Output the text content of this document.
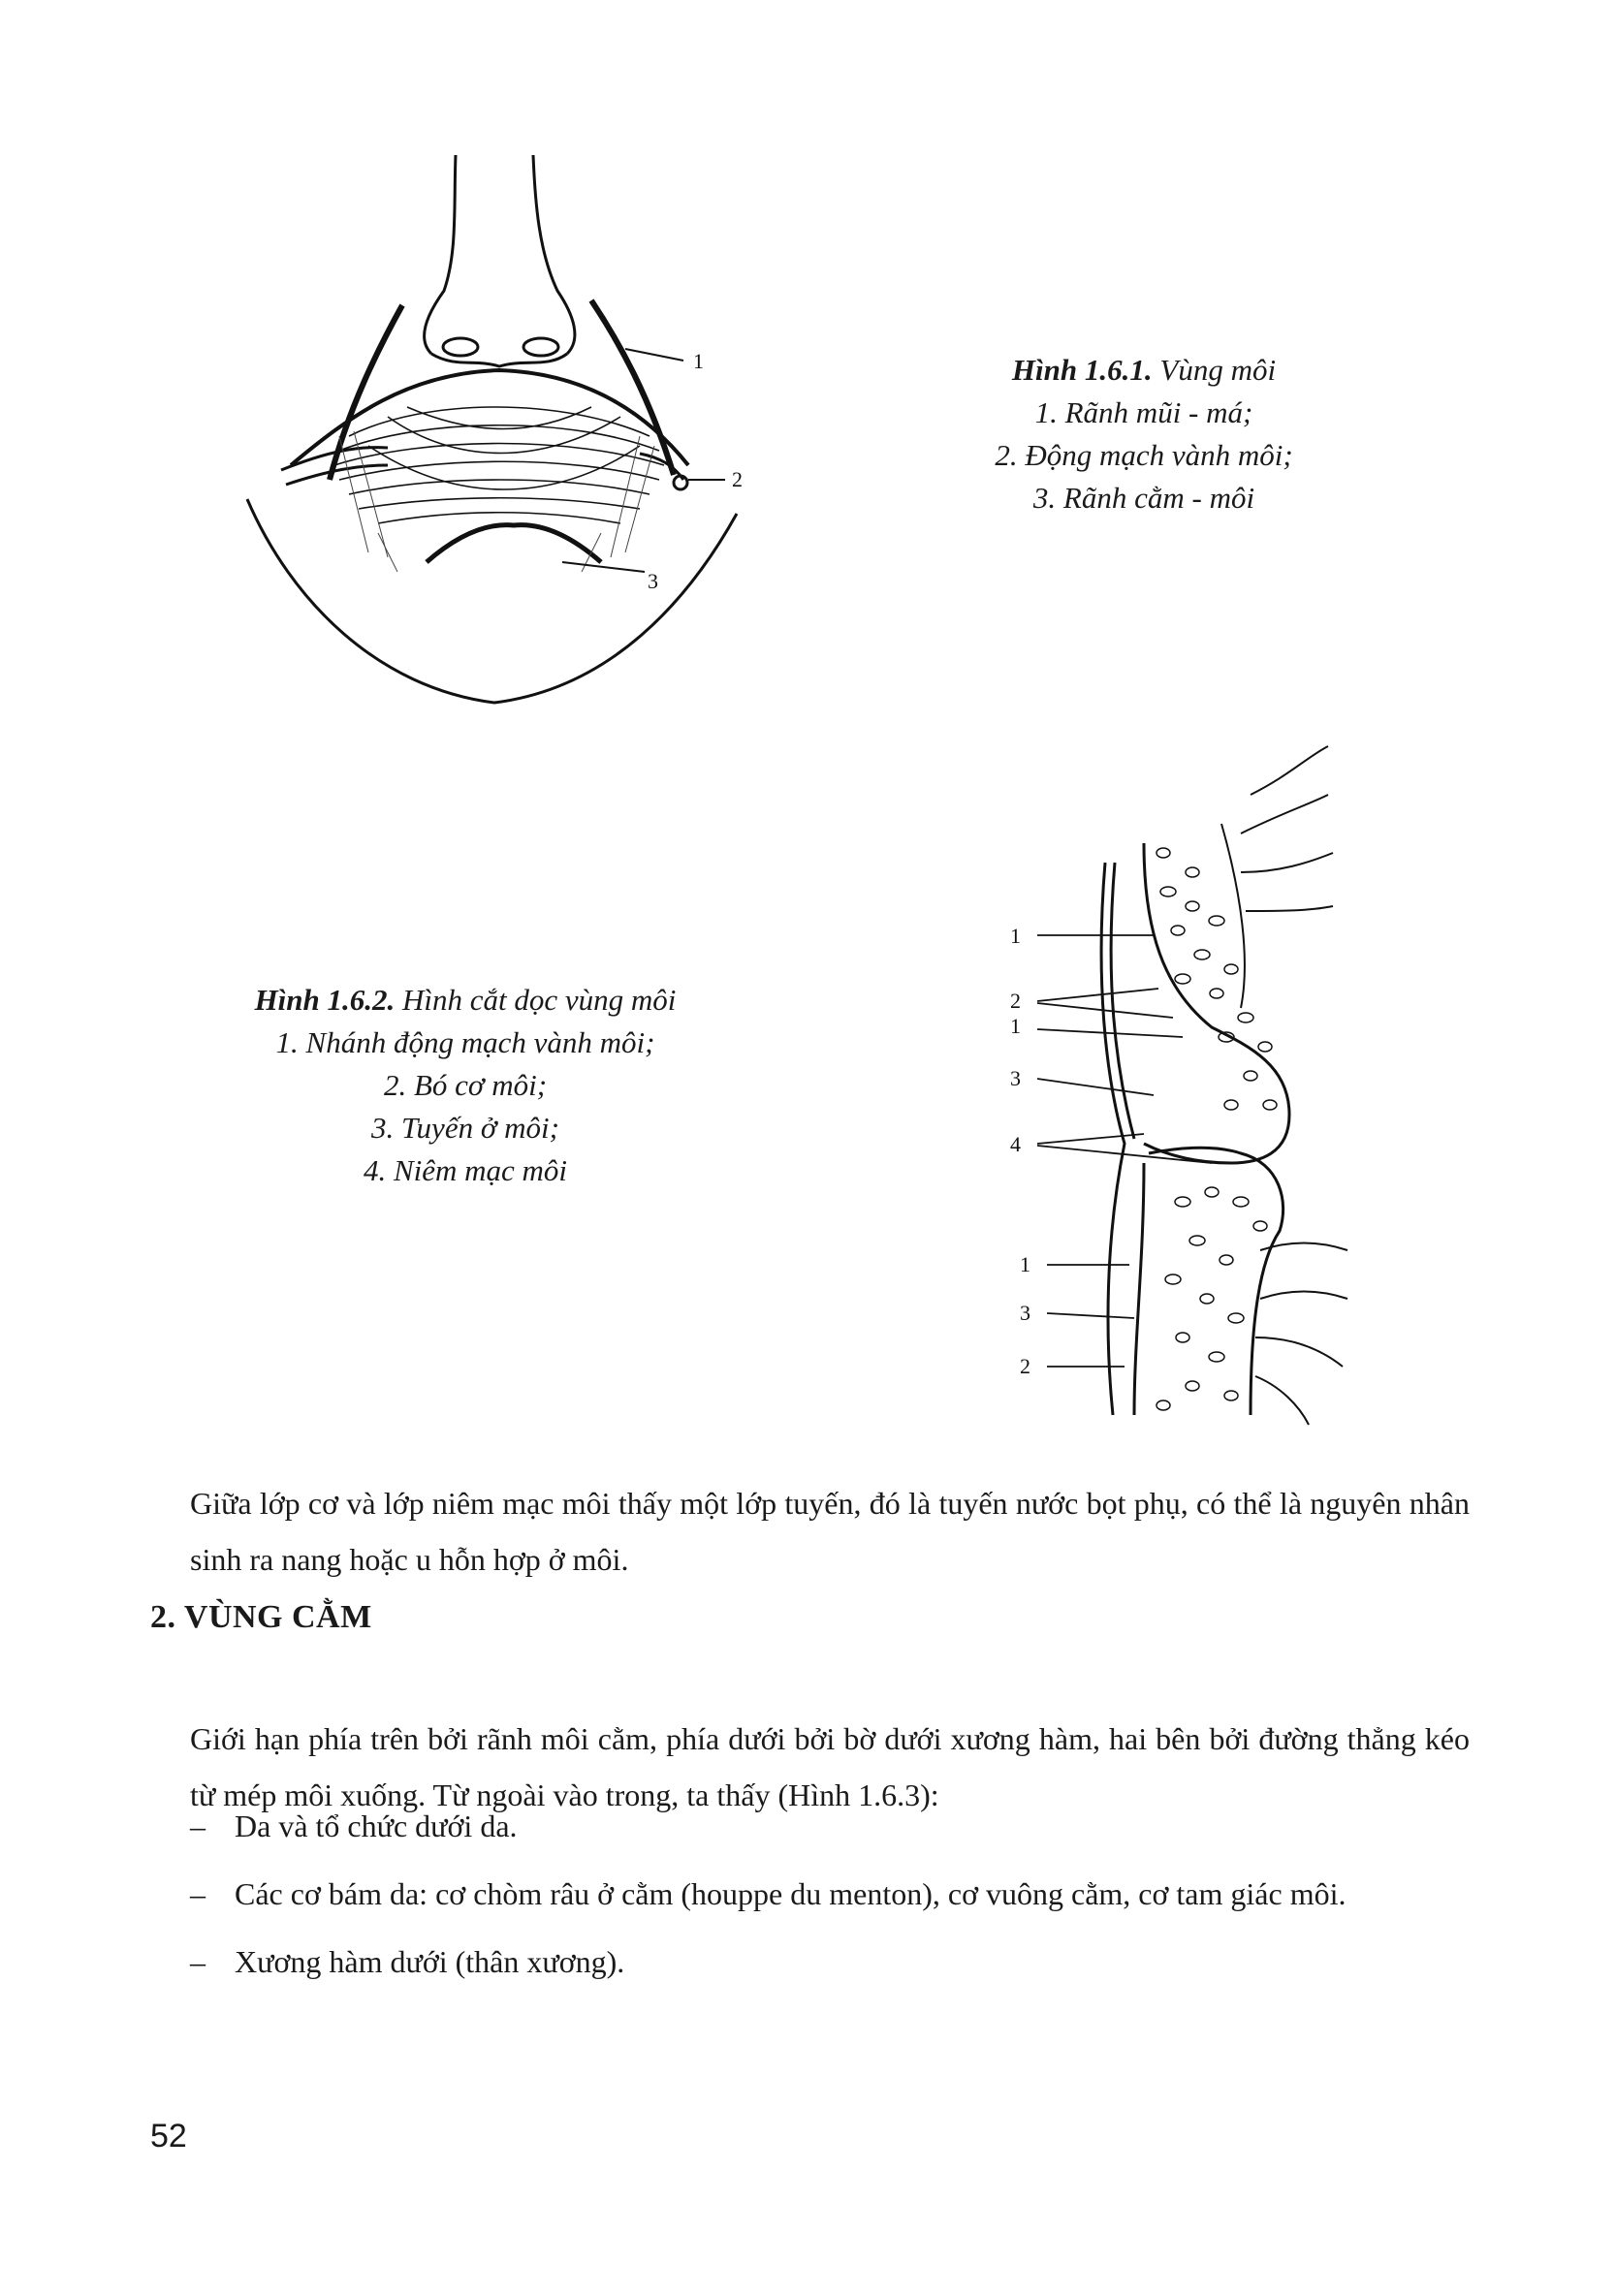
1
2
3
Hình 1.6.1. Vùng môi
1. Rãnh mũi - má;
2. Động mạch vành môi;
3. Rãnh cằm - môi
1
2
1
3
4
1
3
2
Hình 1.6.2. Hình cắt dọc vùng môi
1. Nhánh động mạch vành môi;
2. Bó cơ môi;
3. Tuyến ở môi;
4. Niêm mạc môi

Giữa lớp cơ và lớp niêm mạc môi thấy một lớp tuyến, đó là tuyến nước bọt phụ, có thể là nguyên nhân sinh ra nang hoặc u hỗn hợp ở môi.

2. VÙNG CẰM

Giới hạn phía trên bởi rãnh môi cằm, phía dưới bởi bờ dưới xương hàm, hai bên bởi đường thẳng kéo từ mép môi xuống. Từ ngoài vào trong, ta thấy (Hình 1.6.3):

– Da và tổ chức dưới da.
– Các cơ bám da: cơ chòm râu ở cằm (houppe du menton), cơ vuông cằm, cơ tam giác môi.
– Xương hàm dưới (thân xương).
52
